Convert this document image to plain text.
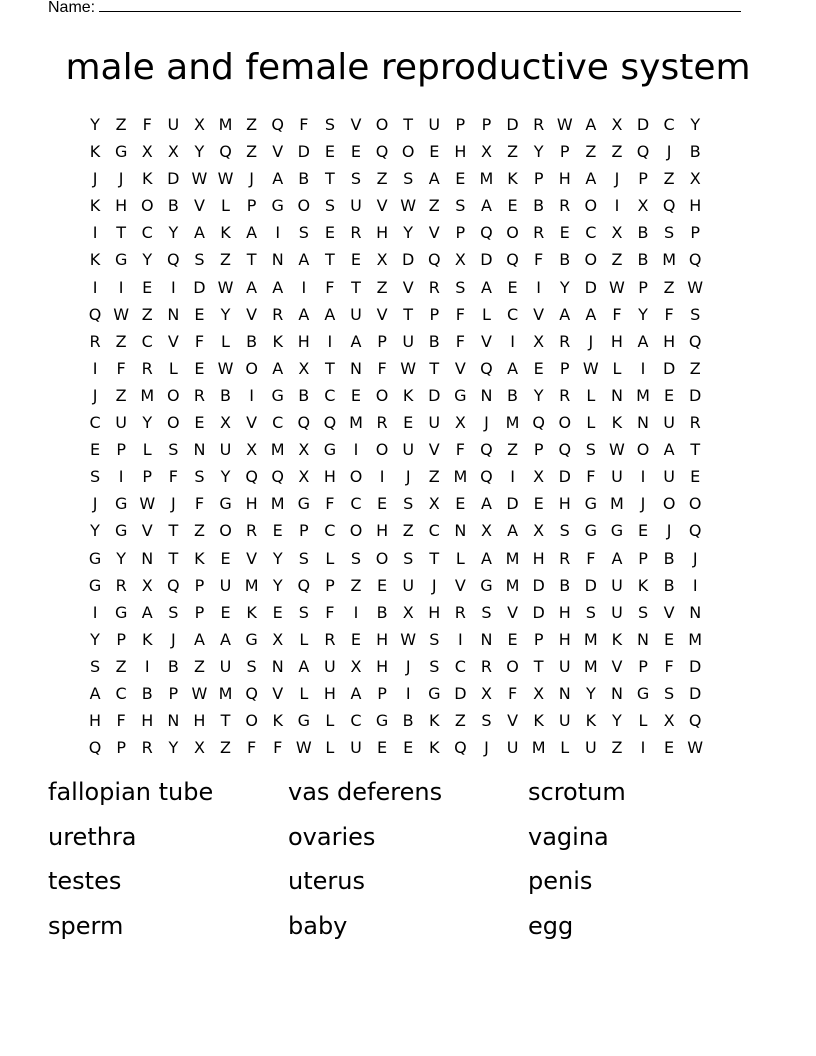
Name:
male and female reproductive system
Y Z	F U X M Z Q F	S V O T U P	P D R W A X D C Y
K G X X Y Q Z V D E E Q O E H X Z Y	P Z Z Q	J	B
J	J	K D W W J	A B T	S Z S A E M K	P H A	J	P Z X
K H O B V	L	P G O S U V W Z S A E B R O	I	X Q H
I	T C Y A K A	I	S E R H Y V P Q O R E C X B S	P
K G Y Q S Z T N A T	E X D Q X D Q F	B O Z B M Q
I	I	E	I	D W A A	I	F	T Z V R S A E	I	Y D W P Z W
Q W Z N E	Y V R A A U V T	P	F	L	C V A A	F	Y	F	S
R Z C V	F	L	B K H	I	A P U B	F	V	I	X R	J	H A H Q
I	F R	L	E W O A X T N F W T V Q A E	P W L	I	D Z
J	Z M O R B	I	G B C E O K D G N B Y R	L N M E D
C U Y O E X V C Q Q M R E U X	J	M Q O L	K N U R
E	P	L	S N U X M X G	I	O U V	F Q Z P Q S W O A T
S	I	P	F	S	Y Q Q X H O	I	J	Z M Q	I	X D F U	I	U E
J	G W J	F G H M G F C E S X E A D E H G M	J	O O
Y G V T Z O R E	P C O H Z C N X A X S G G E	J	Q
G Y N T K E V Y	S	L	S O S	T	L	A M H R F	A P B	J
G R X Q P U M Y Q P Z E U	J	V G M D B D U K B	I
I	G A S	P	E K E S	F	I	B X H R S V D H S U S V N
Y	P	K	J	A A G X	L	R E H W S	I	N E	P H M K N E M
S Z	I	B Z U S N A U X H	J	S C R O T U M V P	F D
A C B P W M Q V	L H A P	I	G D X	F	X N Y N G S D
H F H N H T O K G L	C G B K Z S V K U K Y	L	X Q
Q P R Y X Z	F	F W L U E E K Q	J	U M L U Z	I	E W
fallopian tube	vas deferens	scrotum
urethra	ovaries	vagina
testes	uterus	penis
sperm	baby	egg
